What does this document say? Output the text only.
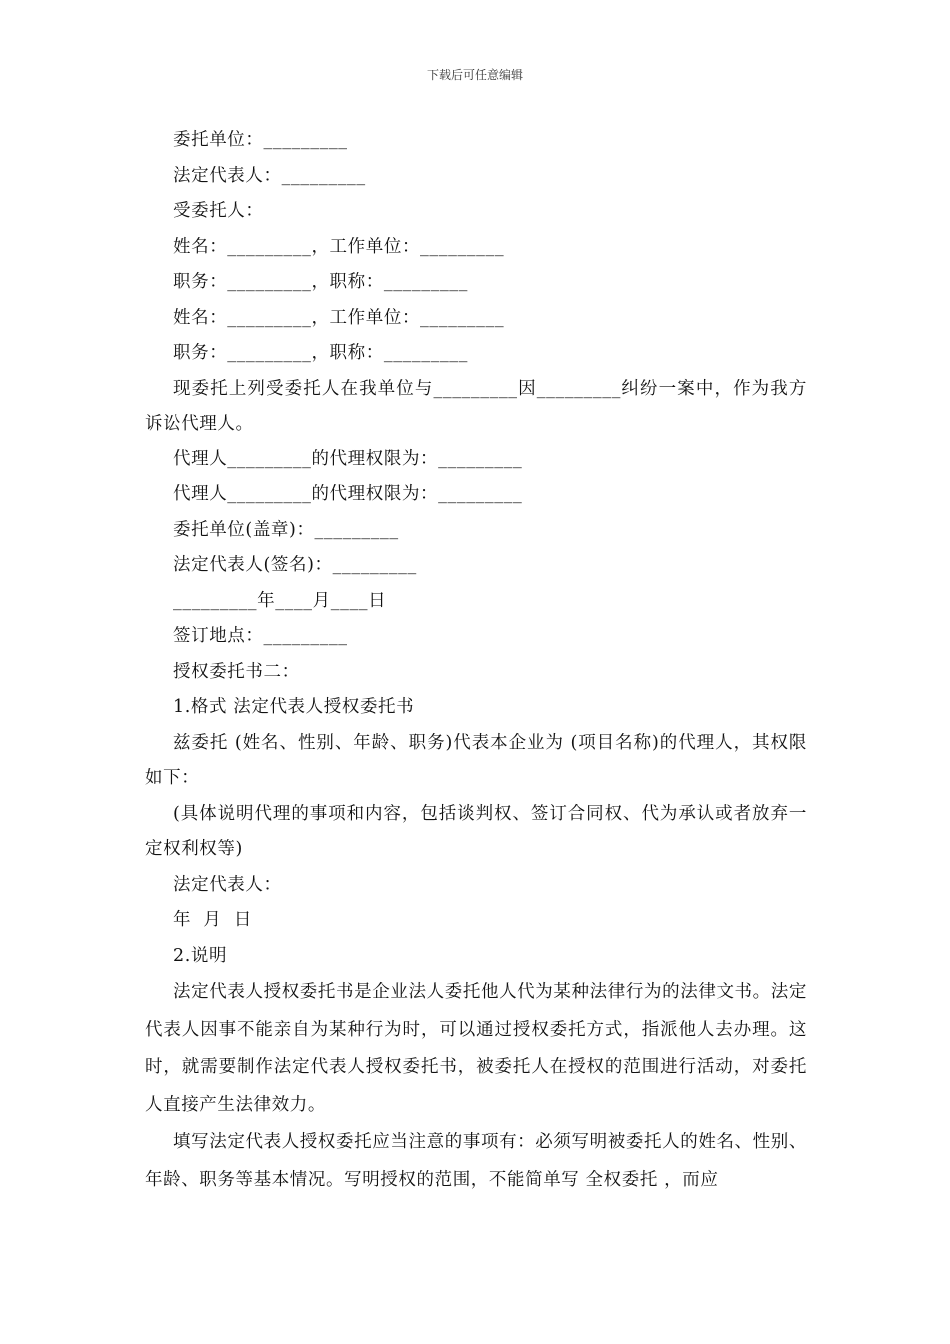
下载后可任意编辑
委托单位：_________
法定代表人：_________
受委托人：
姓名：_________，工作单位：_________
职务：_________，职称：_________
姓名：_________，工作单位：_________
职务：_________，职称：_________
现委托上列受委托人在我单位与_________因_________纠纷一案中，作为我方诉讼代理人。
代理人_________的代理权限为：_________
代理人_________的代理权限为：_________
委托单位(盖章)：_________
法定代表人(签名)：_________
_________年____月____日
签订地点：_________
授权委托书二：
1.格式 法定代表人授权委托书
兹委托 (姓名、性别、年龄、职务)代表本企业为 (项目名称)的代理人，其权限如下：
(具体说明代理的事项和内容，包括谈判权、签订合同权、代为承认或者放弃一定权利权等)
法定代表人：
年  月  日
2.说明
法定代表人授权委托书是企业法人委托他人代为某种法律行为的法律文书。法定代表人因事不能亲自为某种行为时，可以通过授权委托方式，指派他人去办理。这时，就需要制作法定代表人授权委托书，被委托人在授权的范围进行活动，对委托人直接产生法律效力。
填写法定代表人授权委托应当注意的事项有：必须写明被委托人的姓名、性别、年龄、职务等基本情况。写明授权的范围，不能简单写 全权委托 ，而应
